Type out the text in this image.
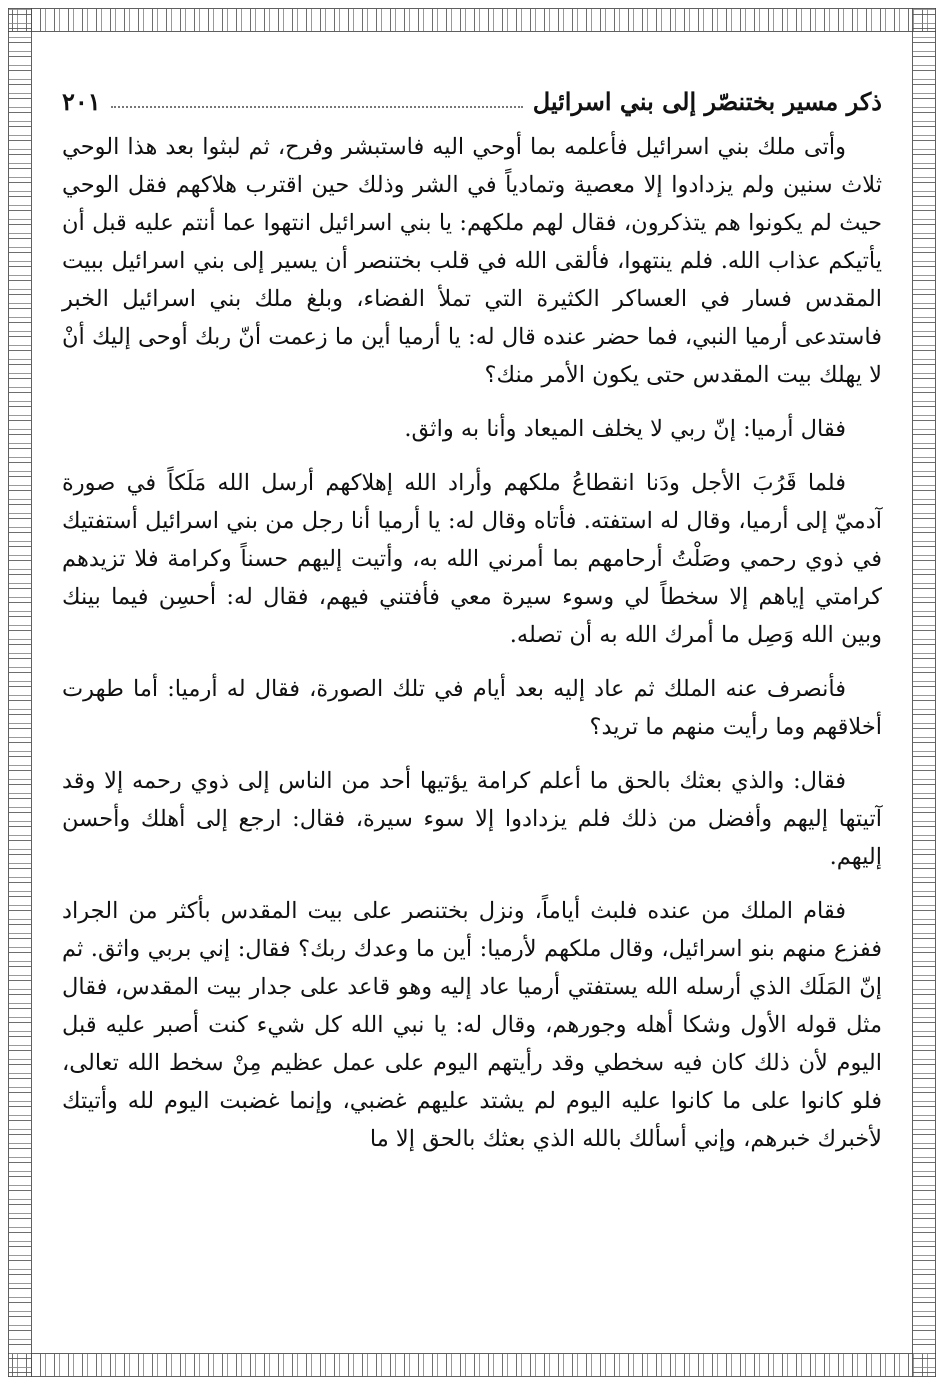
ذكر مسير بختنصّر إلى بني اسرائيل
٢٠١

وأتى ملك بني اسرائيل فأعلمه بما أوحي اليه فاستبشر وفرح، ثم لبثوا بعد هذا الوحي ثلاث سنين ولم يزدادوا إلا معصية وتمادياً في الشر وذلك حين اقترب هلاكهم فقل الوحي حيث لم يكونوا هم يتذكرون، فقال لهم ملكهم: يا بني اسرائيل انتهوا عما أنتم عليه قبل أن يأتيكم عذاب الله. فلم ينتهوا، فألقى الله في قلب بختنصر أن يسير إلى بني اسرائيل ببيت المقدس فسار في العساكر الكثيرة التي تملأ الفضاء، وبلغ ملك بني اسرائيل الخبر فاستدعى أرميا النبي، فما حضر عنده قال له: يا أرميا أين ما زعمت أنّ ربك أوحى إليك أنْ لا يهلك بيت المقدس حتى يكون الأمر منك؟

فقال أرميا: إنّ ربي لا يخلف الميعاد وأنا به واثق.

فلما قَرُبَ الأجل ودَنا انقطاعُ ملكهم وأراد الله إهلاكهم أرسل الله مَلَكاً في صورة آدميّ إلى أرميا، وقال له استفته. فأتاه وقال له: يا أرميا أنا رجل من بني اسرائيل أستفتيك في ذوي رحمي وصَلْتُ أرحامهم بما أمرني الله به، وأتيت إليهم حسناً وكرامة فلا تزيدهم كرامتي إياهم إلا سخطاً لي وسوء سيرة معي فأفتني فيهم، فقال له: أحسِن فيما بينك وبين الله وَصِل ما أمرك الله به أن تصله.

فأنصرف عنه الملك ثم عاد إليه بعد أيام في تلك الصورة، فقال له أرميا: أما طهرت أخلاقهم وما رأيت منهم ما تريد؟

فقال: والذي بعثك بالحق ما أعلم كرامة يؤتيها أحد من الناس إلى ذوي رحمه إلا وقد آتيتها إليهم وأفضل من ذلك فلم يزدادوا إلا سوء سيرة، فقال: ارجع إلى أهلك وأحسن إليهم.

فقام الملك من عنده فلبث أياماً، ونزل بختنصر على بيت المقدس بأكثر من الجراد ففزع منهم بنو اسرائيل، وقال ملكهم لأرميا: أين ما وعدك ربك؟ فقال: إني بربي واثق. ثم إنّ المَلَك الذي أرسله الله يستفتي أرميا عاد إليه وهو قاعد على جدار بيت المقدس، فقال مثل قوله الأول وشكا أهله وجورهم، وقال له: يا نبي الله كل شيء كنت أصبر عليه قبل اليوم لأن ذلك كان فيه سخطي وقد رأيتهم اليوم على عمل عظيم مِنْ سخط الله تعالى، فلو كانوا على ما كانوا عليه اليوم لم يشتد عليهم غضبي، وإنما غضبت اليوم لله وأتيتك لأخبرك خبرهم، وإني أسألك بالله الذي بعثك بالحق إلا ما
